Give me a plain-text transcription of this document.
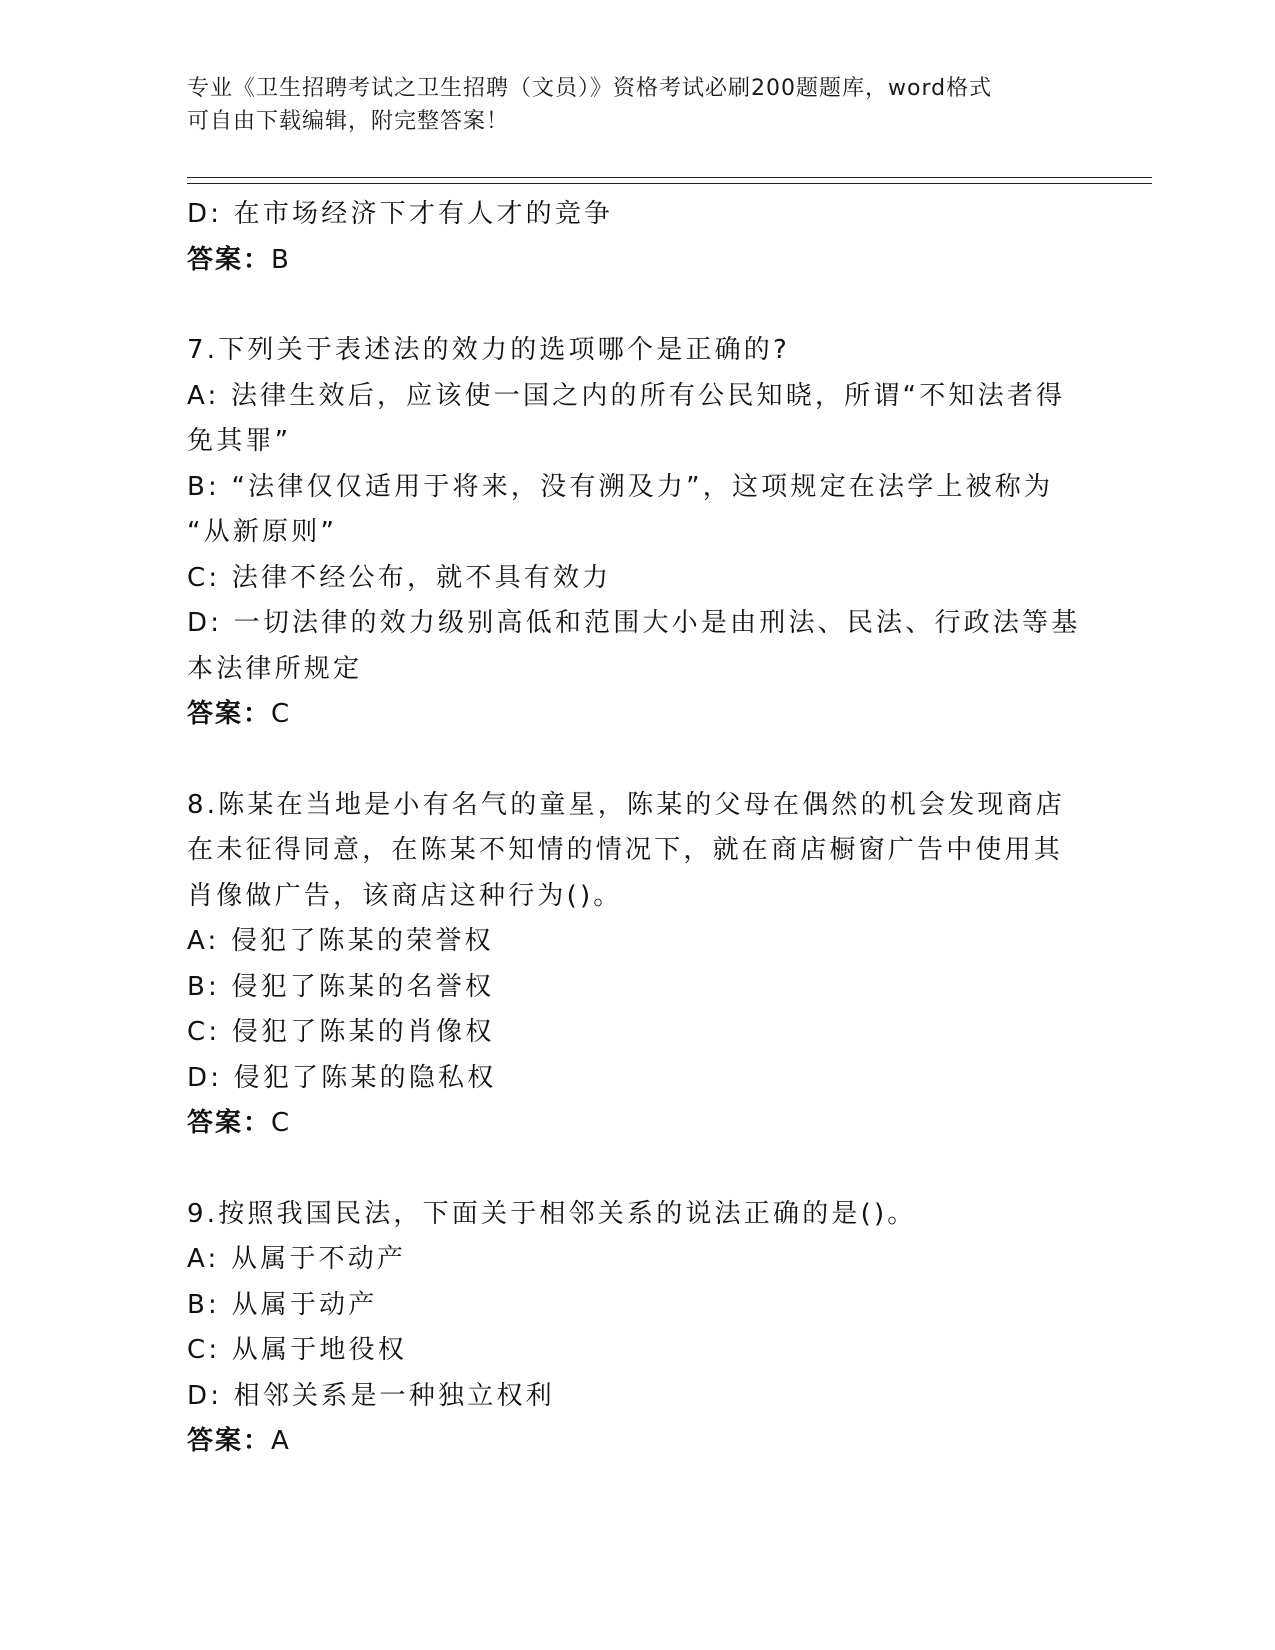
专业《卫生招聘考试之卫生招聘（文员）》资格考试必刷200题题库，word格式
可自由下载编辑，附完整答案！
D: 在市场经济下才有人才的竞争
答案：B
7.下列关于表述法的效力的选项哪个是正确的?
A: 法律生效后，应该使一国之内的所有公民知晓，所谓“不知法者得
免其罪”
B: “法律仅仅适用于将来，没有溯及力”，这项规定在法学上被称为
“从新原则”
C: 法律不经公布，就不具有效力
D: 一切法律的效力级别高低和范围大小是由刑法、民法、行政法等基
本法律所规定
答案：C
8.陈某在当地是小有名气的童星，陈某的父母在偶然的机会发现商店
在未征得同意，在陈某不知情的情况下，就在商店橱窗广告中使用其
肖像做广告，该商店这种行为()。
A: 侵犯了陈某的荣誉权
B: 侵犯了陈某的名誉权
C: 侵犯了陈某的肖像权
D: 侵犯了陈某的隐私权
答案：C
9.按照我国民法，下面关于相邻关系的说法正确的是()。
A: 从属于不动产
B: 从属于动产
C: 从属于地役权
D: 相邻关系是一种独立权利
答案：A
